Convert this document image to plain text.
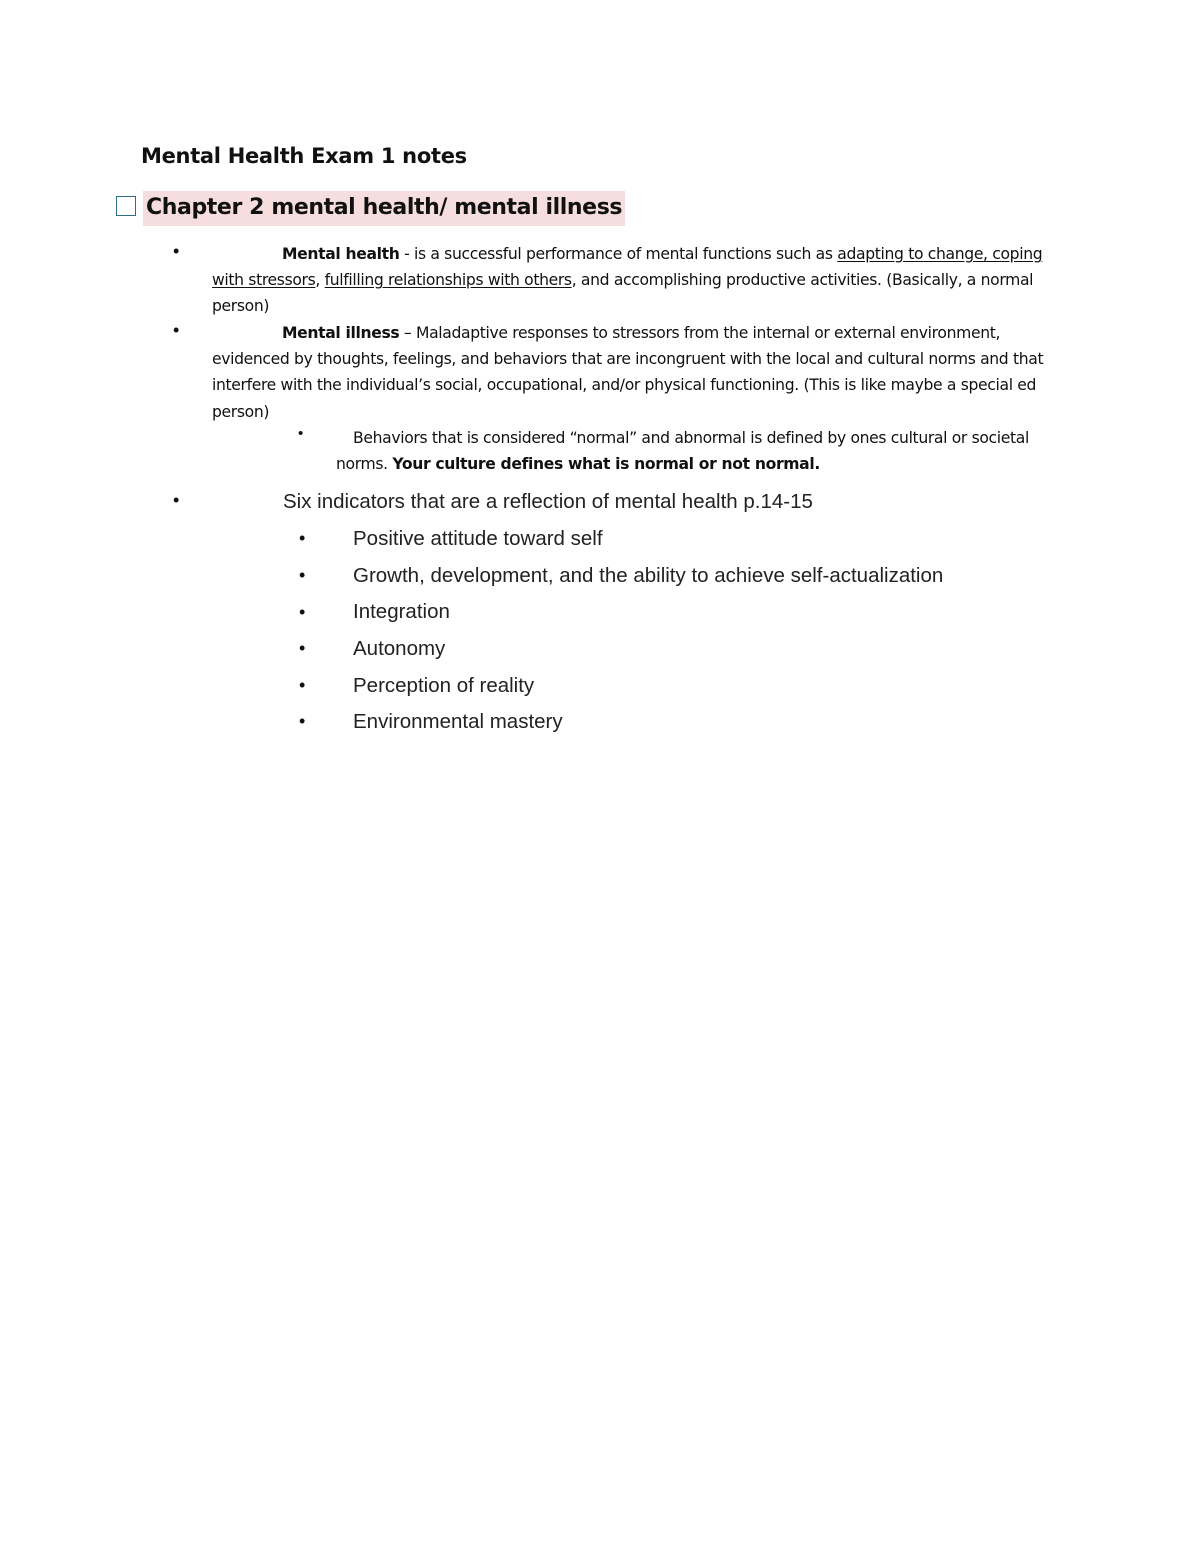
Mental Health Exam 1 notes
Chapter 2 mental health/ mental illness
•	Mental health - is a successful performance of mental functions such as adapting to change, coping with stressors, fulfilling relationships with others, and accomplishing productive activities. (Basically, a normal person)
•	Mental illness – Maladaptive responses to stressors from the internal or external environment, evidenced by thoughts, feelings, and behaviors that are incongruent with the local and cultural norms and that interfere with the individual’s social, occupational, and/or physical functioning. (This is like maybe a special ed person)
•	Behaviors that is considered “normal” and abnormal is defined by ones cultural or societal norms. Your culture defines what is normal or not normal.
•	Six indicators that are a reflection of mental health p.14-15
• Positive attitude toward self
• Growth, development, and the ability to achieve self-actualization
• Integration
• Autonomy
• Perception of reality
• Environmental mastery
